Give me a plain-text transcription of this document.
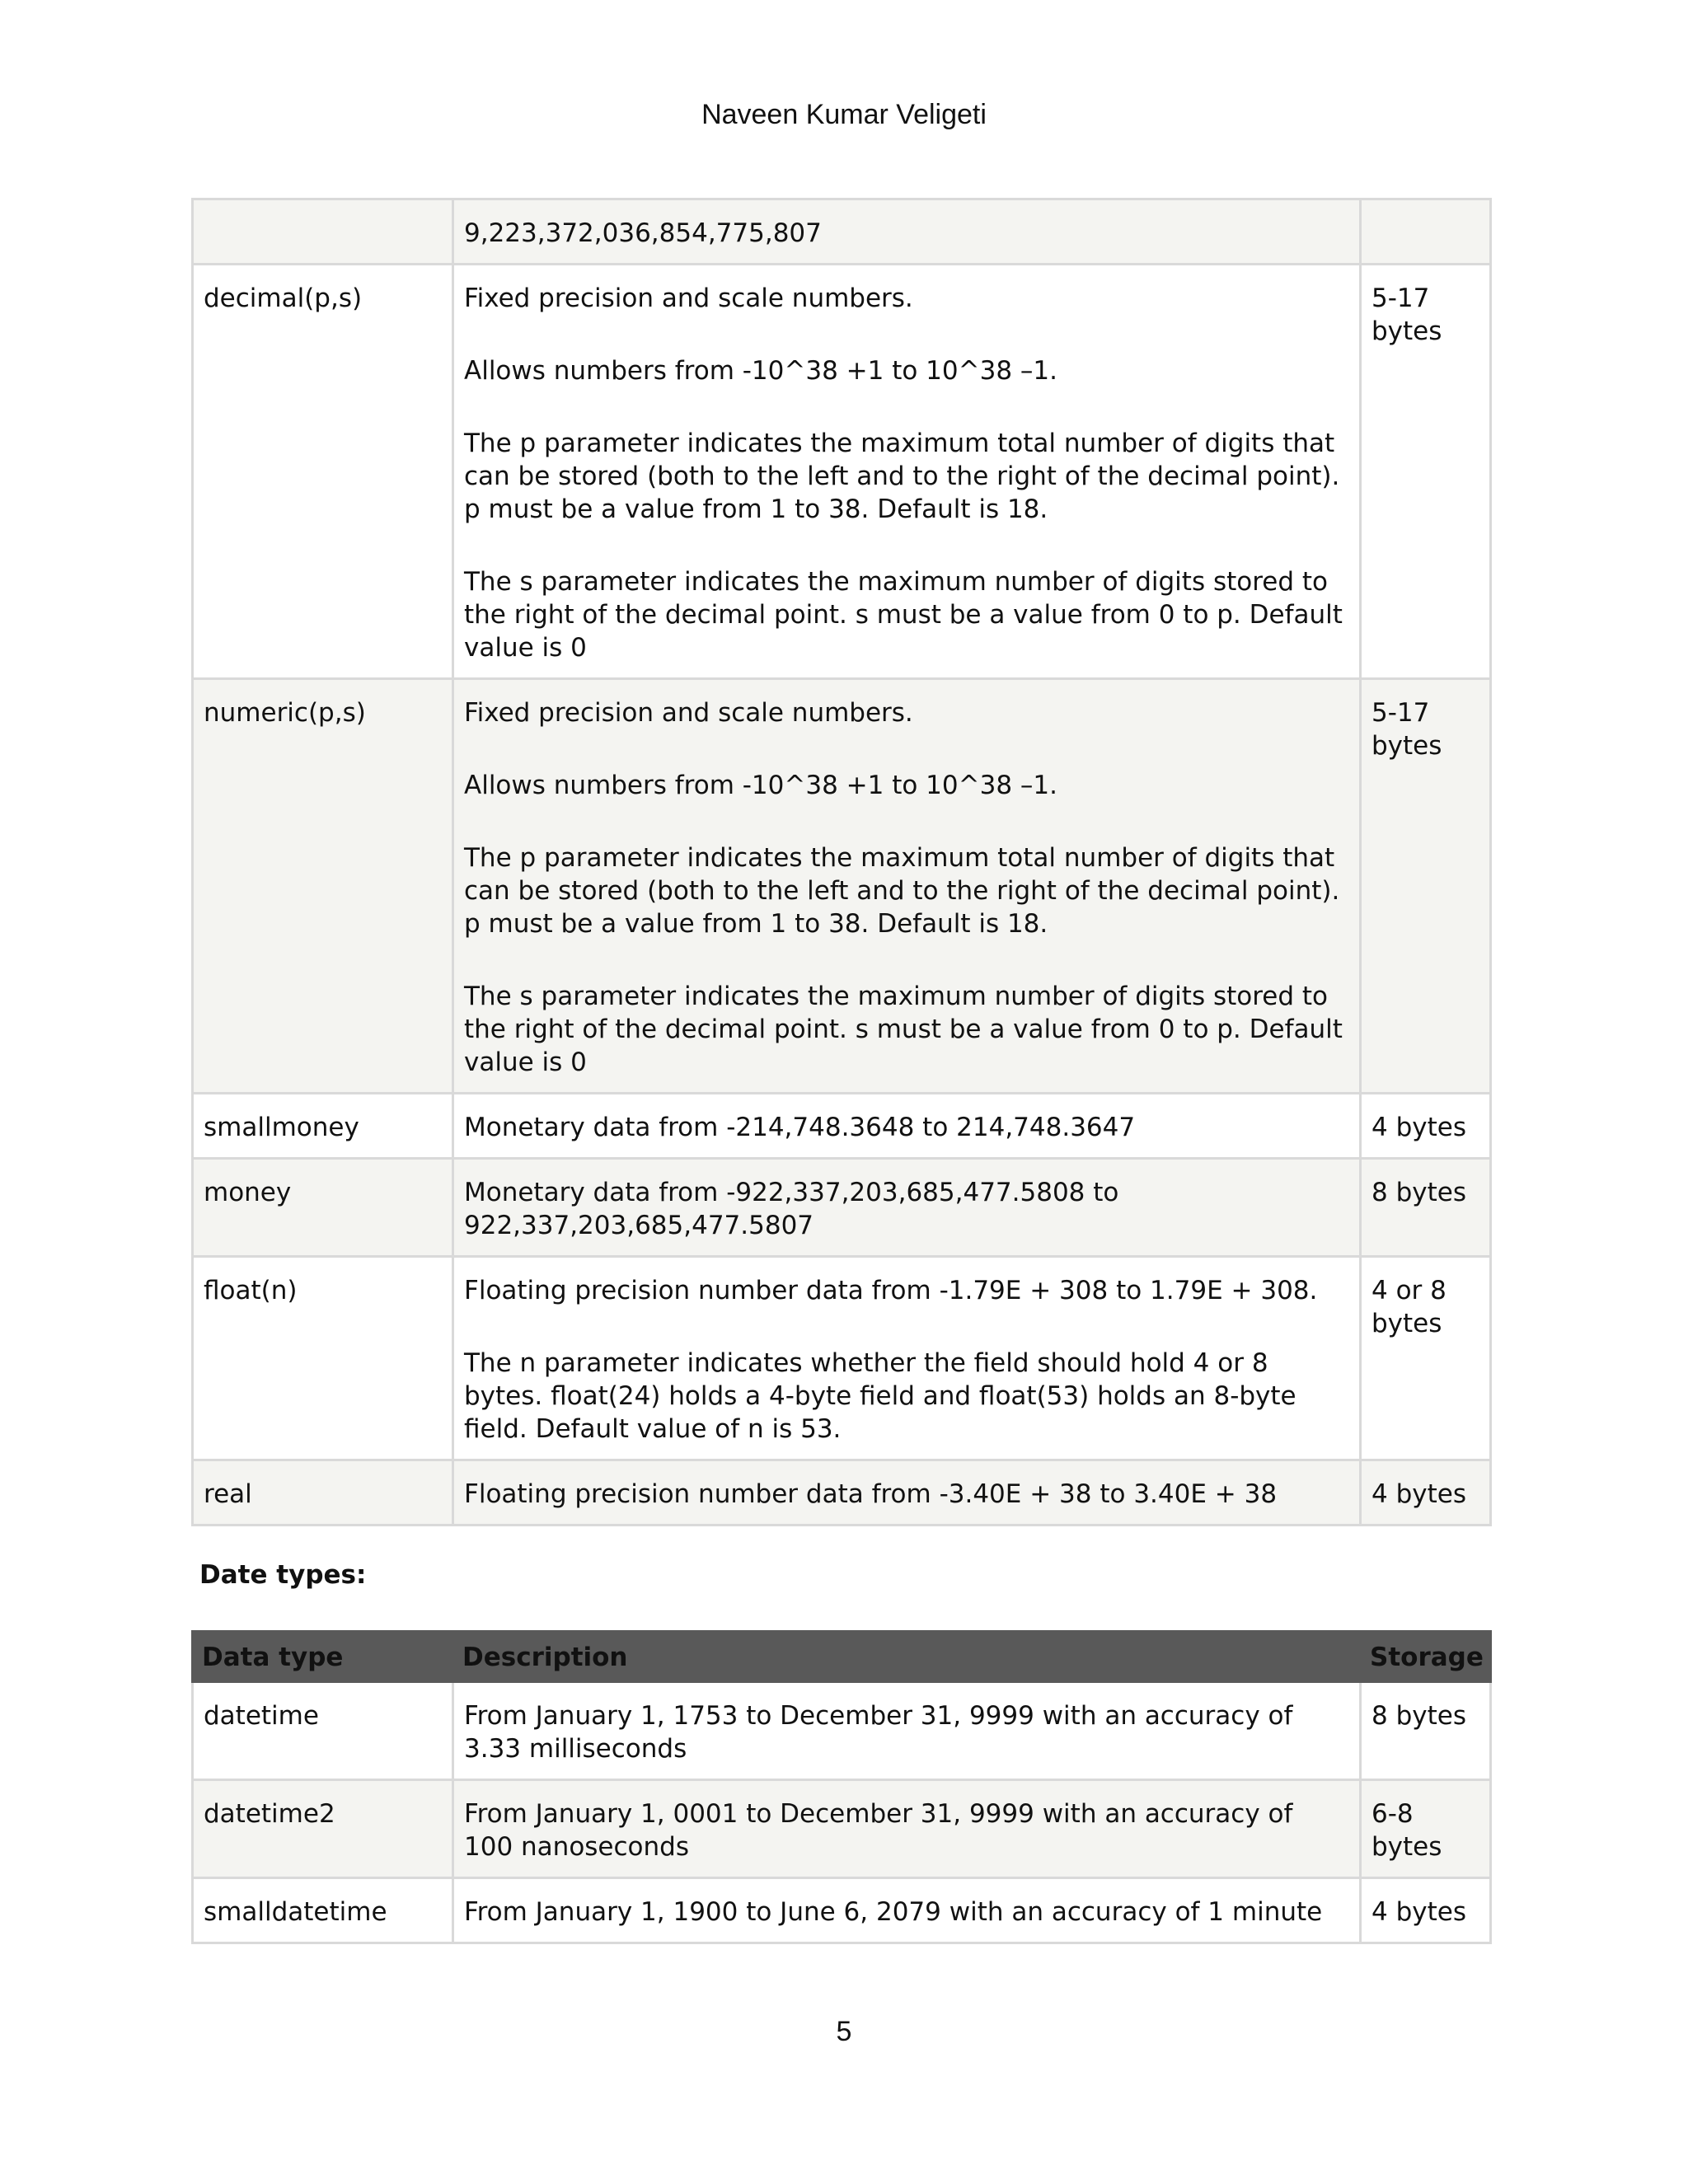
Naveen Kumar Veligeti

	9,223,372,036,854,775,807	

decimal(p,s)	Fixed precision and scale numbers.

Allows numbers from -10^38 +1 to 10^38 –1.

The p parameter indicates the maximum total number of digits that can be stored (both to the left and to the right of the decimal point). p must be a value from 1 to 38. Default is 18.

The s parameter indicates the maximum number of digits stored to the right of the decimal point. s must be a value from 0 to p. Default value is 0	5-17 bytes
numeric(p,s)	Fixed precision and scale numbers.

Allows numbers from -10^38 +1 to 10^38 –1.

The p parameter indicates the maximum total number of digits that can be stored (both to the left and to the right of the decimal point). p must be a value from 1 to 38. Default is 18.

The s parameter indicates the maximum number of digits stored to the right of the decimal point. s must be a value from 0 to p. Default value is 0	5-17 bytes
smallmoney	Monetary data from -214,748.3648 to 214,748.3647	4 bytes
money	Monetary data from -922,337,203,685,477.5808 to 922,337,203,685,477.5807	8 bytes
float(n)	Floating precision number data from -1.79E + 308 to 1.79E + 308.

The n parameter indicates whether the field should hold 4 or 8 bytes. float(24) holds a 4-byte field and float(53) holds an 8-byte field. Default value of n is 53.	4 or 8 bytes
real	Floating precision number data from -3.40E + 38 to 3.40E + 38	4 bytes
Date types:
Data type	Description	Storage
datetime	From January 1, 1753 to December 31, 9999 with an accuracy of 3.33 milliseconds	8 bytes
datetime2	From January 1, 0001 to December 31, 9999 with an accuracy of 100 nanoseconds	6-8 bytes
smalldatetime	From January 1, 1900 to June 6, 2079 with an accuracy of 1 minute	4 bytes
5
